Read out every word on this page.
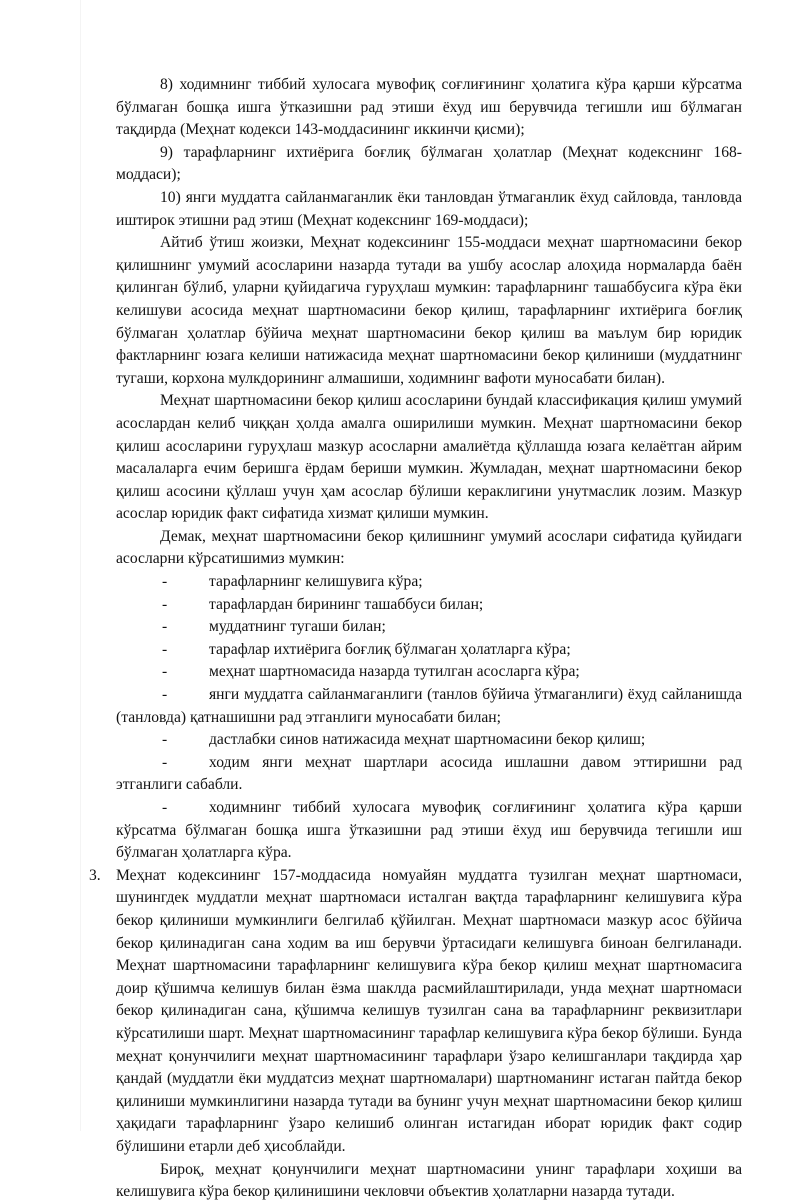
8) ходимнинг тиббий хулосага мувофиқ соғлиғининг ҳолатига кўра қарши кўрсатма бўлмаган бошқа ишга ўтказишни рад этиши ёхуд иш берувчида тегишли иш бўлмаган тақдирда (Меҳнат кодекси 143-моддасининг иккинчи қисми);

9) тарафларнинг ихтиёрига боғлиқ бўлмаган ҳолатлар (Меҳнат кодекснинг 168-моддаси);

10) янги муддатга сайланмаганлик ёки танловдан ўтмаганлик ёхуд сайловда, танловда иштирок этишни рад этиш (Меҳнат кодекснинг 169-моддаси);

Айтиб ўтиш жоизки, Меҳнат кодексининг 155-моддаси меҳнат шартномасини бекор қилишнинг умумий асосларини назарда тутади ва ушбу асослар алоҳида нормаларда баён қилинган бўлиб, уларни қуйидагича гуруҳлаш мумкин: тарафларнинг ташаббусига кўра ёки келишуви асосида меҳнат шартномасини бекор қилиш, тарафларнинг ихтиёрига боғлиқ бўлмаган ҳолатлар бўйича меҳнат шартномасини бекор қилиш ва маълум бир юридик фактларнинг юзага келиши натижасида меҳнат шартномасини бекор қилиниши (муддатнинг тугаши, корхона мулкдорининг алмашиши, ходимнинг вафоти муносабати билан).

Меҳнат шартномасини бекор қилиш асосларини бундай классификация қилиш умумий асослардан келиб чиққан ҳолда амалга оширилиши мумкин. Меҳнат шартномасини бекор қилиш асосларини гуруҳлаш мазкур асосларни амалиётда қўллашда юзага келаётган айрим масалаларга ечим беришга ёрдам бериши мумкин. Жумладан, меҳнат шартномасини бекор қилиш асосини қўллаш учун ҳам асослар бўлиши кераклигини унутмаслик лозим. Мазкур асослар юридик факт сифатида хизмат қилиши мумкин.

Демак, меҳнат шартномасини бекор қилишнинг умумий асослари сифатида қуйидаги асосларни кўрсатишимиз мумкин:

-	тарафларнинг келишувига кўра;
-	тарафлардан бирининг ташаббуси билан;
-	муддатнинг тугаши билан;
-	тарафлар ихтиёрига боғлиқ бўлмаган ҳолатларга кўра;
-	меҳнат шартномасида назарда тутилган асосларга кўра;
-	янги муддатга сайланмаганлиги (танлов бўйича ўтмаганлиги) ёхуд сайланишда (танловда) қатнашишни рад этганлиги муносабати билан;
-	дастлабки синов натижасида меҳнат шартномасини бекор қилиш;
-	ходим янги меҳнат шартлари асосида ишлашни давом эттиришни рад этганлиги сабабли.
-	ходимнинг тиббий хулосага мувофиқ соғлиғининг ҳолатига кўра қарши кўрсатма бўлмаган бошқа ишга ўтказишни рад этиши ёхуд иш берувчида тегишли иш бўлмаган ҳолатларга кўра.
3. Меҳнат кодексининг 157-моддасида номуайян муддатга тузилган меҳнат шартномаси, шунингдек муддатли меҳнат шартномаси исталган вақтда тарафларнинг келишувига кўра бекор қилиниши мумкинлиги белгилаб қўйилган. Меҳнат шартномаси мазкур асос бўйича бекор қилинадиган сана ходим ва иш берувчи ўртасидаги келишувга биноан белгиланади. Меҳнат шартномасини тарафларнинг келишувига кўра бекор қилиш меҳнат шартномасига доир қўшимча келишув билан ёзма шаклда расмийлаштирилади, унда меҳнат шартномаси бекор қилинадиган сана, қўшимча келишув тузилган сана ва тарафларнинг реквизитлари кўрсатилиши шарт. Меҳнат шартномасининг тарафлар келишувига кўра бекор бўлиши. Бунда меҳнат қонунчилиги меҳнат шартномасининг тарафлари ўзаро келишганлари тақдирда ҳар қандай (муддатли ёки муддатсиз меҳнат шартномалари) шартноманинг истаган пайтда бекор қилиниши мумкинлигини назарда тутади ва бунинг учун меҳнат шартномасини бекор қилиш ҳақидаги тарафларнинг ўзаро келишиб олинган истагидан иборат юридик факт содир бўлишини етарли деб ҳисоблайди.

Бироқ, меҳнат қонунчилиги меҳнат шартномасини унинг тарафлари хоҳиши ва келишувига кўра бекор қилинишини чекловчи объектив ҳолатларни назарда тутади.
